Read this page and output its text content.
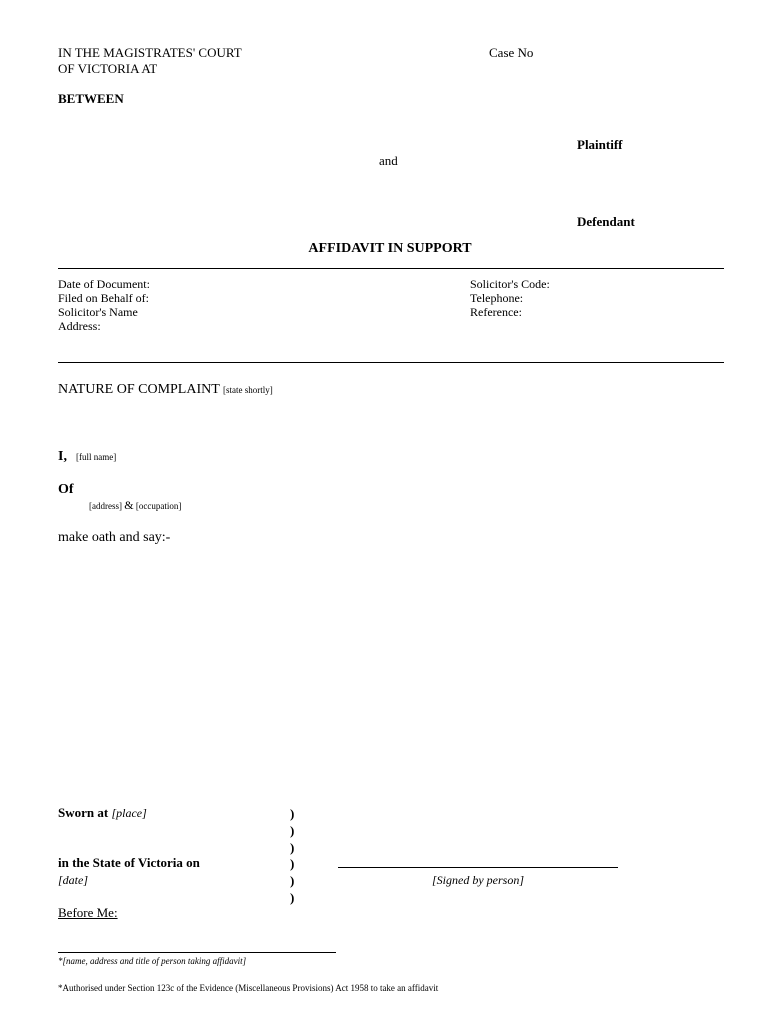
IN THE MAGISTRATES' COURT
OF VICTORIA AT
Case No
BETWEEN
Plaintiff
and
Defendant
AFFIDAVIT IN SUPPORT
Date of Document:
Filed on Behalf of:
Solicitor's Name
Address:
Solicitor's Code:
Telephone:
Reference:
NATURE OF COMPLAINT [state shortly]
I, [full name]
Of
[address] & [occupation]
make oath and say:-
Sworn at [place]
in the State of Victoria on
[date]
Before Me:
)
)
)
)
)
)
[Signed by person]
*[name, address and title of person taking affidavit]
*Authorised under Section 123c of the Evidence (Miscellaneous Provisions) Act 1958 to take an affidavit
